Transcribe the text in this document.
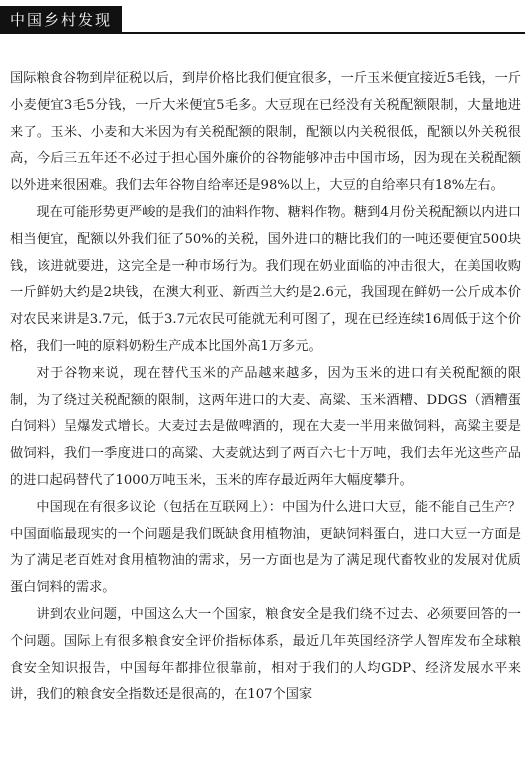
中国乡村发现

国际粮食谷物到岸征税以后，到岸价格比我们便宜很多，一斤玉米便宜接近5毛钱，一斤小麦便宜3毛5分钱，一斤大米便宜5毛多。大豆现在已经没有关税配额限制，大量地进来了。玉米、小麦和大米因为有关税配额的限制，配额以内关税很低，配额以外关税很高，今后三五年还不必过于担心国外廉价的谷物能够冲击中国市场，因为现在关税配额以外进来很困难。我们去年谷物自给率还是98%以上，大豆的自给率只有18%左右。

现在可能形势更严峻的是我们的油料作物、糖料作物。糖到4月份关税配额以内进口相当便宜，配额以外我们征了50%的关税，国外进口的糖比我们的一吨还要便宜500块钱，该进就要进，这完全是一种市场行为。我们现在奶业面临的冲击很大，在美国收购一斤鲜奶大约是2块钱，在澳大利亚、新西兰大约是2.6元，我国现在鲜奶一公斤成本价对农民来讲是3.7元，低于3.7元农民可能就无利可图了，现在已经连续16周低于这个价格，我们一吨的原料奶粉生产成本比国外高1万多元。

对于谷物来说，现在替代玉米的产品越来越多，因为玉米的进口有关税配额的限制，为了绕过关税配额的限制，这两年进口的大麦、高粱、玉米酒糟、DDGS（酒糟蛋白饲料）呈爆发式增长。大麦过去是做啤酒的，现在大麦一半用来做饲料，高粱主要是做饲料，我们一季度进口的高粱、大麦就达到了两百六七十万吨，我们去年光这些产品的进口起码替代了1000万吨玉米，玉米的库存最近两年大幅度攀升。

中国现在有很多议论（包括在互联网上）：中国为什么进口大豆，能不能自己生产？中国面临最现实的一个问题是我们既缺食用植物油，更缺饲料蛋白，进口大豆一方面是为了满足老百姓对食用植物油的需求，另一方面也是为了满足现代畜牧业的发展对优质蛋白饲料的需求。

讲到农业问题，中国这么大一个国家，粮食安全是我们绕不过去、必须要回答的一个问题。国际上有很多粮食安全评价指标体系，最近几年英国经济学人智库发布全球粮食安全知识报告，中国每年都排位很靠前，相对于我们的人均GDP、经济发展水平来讲，我们的粮食安全指数还是很高的，在107个国家
